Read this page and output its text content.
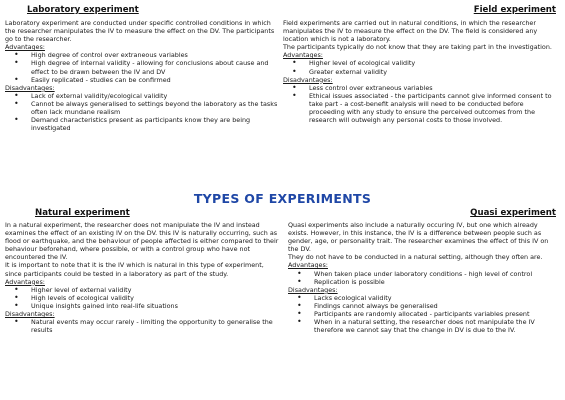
Laboratory experiment

Laboratory experiment are conducted under specific controlled conditions in which the researcher manipulates the IV to measure the effect on the DV. The participants go to the researcher.

Advantages:
• High degree of control over extraneous variables
• High degree of internal validity - allowing for conclusions about cause and effect to be drawn between the IV and DV
• Easily replicated - studies can be confirmed
Disadvantages:
• Lack of external validity/ecological validity
• Cannot be always generalised to settings beyond the laboratory as the tasks often lack mundane realism
• Demand characteristics present as participants know they are being investigated
Field experiment

Field experiments are carried out in natural conditions, in which the researcher manipulates the IV to measure the effect on the DV. The field is considered any location which is not a laboratory.

The participants typically do not know that they are taking part in the investigation.

Advantages:
• Higher level of ecological validity
• Greater external validity
Disadvantages:
• Less control over extraneous variables
• Ethical issues associated - the participants cannot give informed consent to take part - a cost-benefit analysis will need to be conducted before proceeding with any study to ensure the perceived outcomes from the research will outweigh any personal costs to those involved.
TYPES OF EXPERIMENTS
Natural experiment

In a natural experiment, the researcher does not manipulate the IV and instead examines the effect of an existing IV on the DV. this IV is naturally occurring, such as flood or earthquake, and the behaviour of people affected is either compared to their behaviour beforehand, where possible, or with a control group who have not encountered the IV.

It is important to note that it is the IV which is natural in this type of experiment, since participants could be tested in a laboratory as part of the study.

Advantages:
• Higher level of external validity
• High levels of ecological validity
• Unique insights gained into real-life situations
Disadvantages:
• Natural events may occur rarely - limiting the opportunity to generalise the results
Quasi experiment

Quasi experiments also include a naturally occuring IV, but one which already exists. However, in this instance, the IV is a difference between people such as gender, age, or personality trait. The researcher examines the effect of this IV on the DV.

They do not have to be conducted in a natural setting, although they often are.

Advantages:
• When taken place under laboratory conditions - high level of control
• Replication is possible
Disadvantages:
• Lacks ecological validity
• Findings cannot always be generalised
• Participants are randomly allocated - participants variables present
• When in a natural setting, the researcher does not manipulate the IV therefore we cannot say that the change in DV is due to the IV.
